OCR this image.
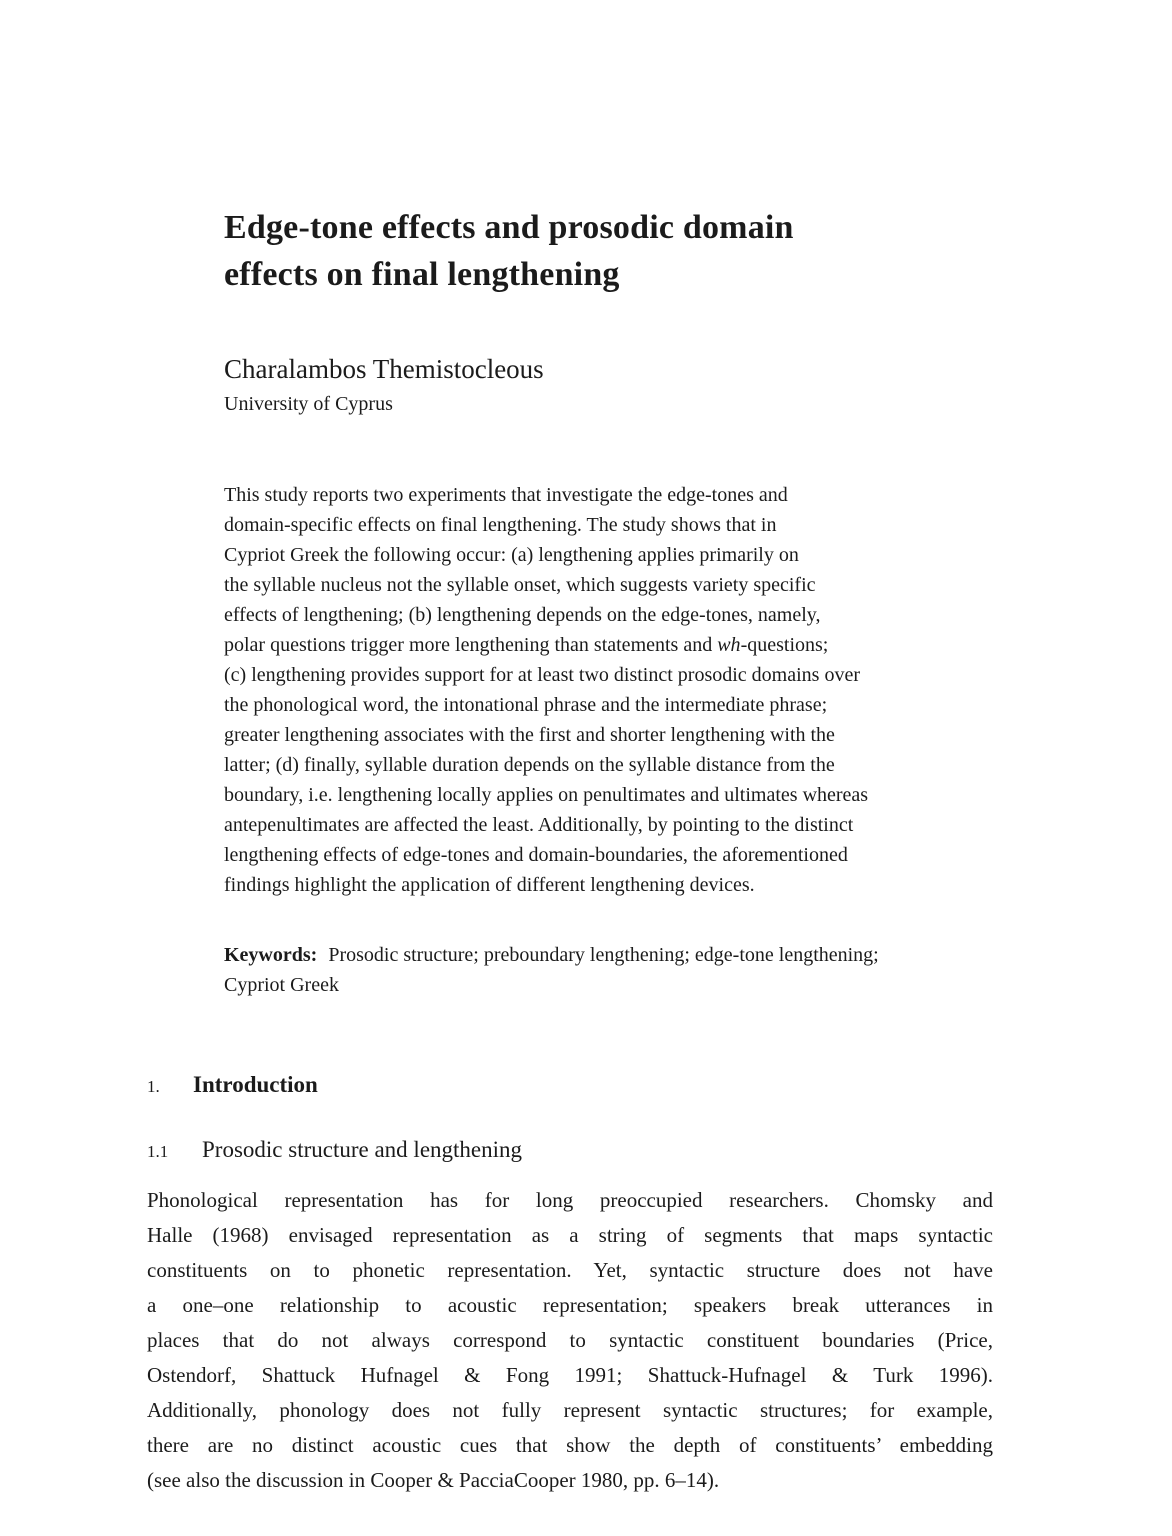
Edge-tone effects and prosodic domain
effects on final lengthening

Charalambos Themistocleous

University of Cyprus

This study reports two experiments that investigate the edge-tones and
domain-specific effects on final lengthening. The study shows that in
Cypriot Greek the following occur: (a) lengthening applies primarily on
the syllable nucleus not the syllable onset, which suggests variety specific
effects of lengthening; (b) lengthening depends on the edge-tones, namely,
polar questions trigger more lengthening than statements and wh-questions;
(c) lengthening provides support for at least two distinct prosodic domains over
the phonological word, the intonational phrase and the intermediate phrase;
greater lengthening associates with the first and shorter lengthening with the
latter; (d) finally, syllable duration depends on the syllable distance from the
boundary, i.e. lengthening locally applies on penultimates and ultimates whereas
antepenultimates are affected the least. Additionally, by pointing to the distinct
lengthening effects of edge-tones and domain-boundaries, the aforementioned
findings highlight the application of different lengthening devices.
Keywords: Prosodic structure; preboundary lengthening; edge-tone lengthening;
Cypriot Greek
1. Introduction
1.1 Prosodic structure and lengthening
Phonological representation has for long preoccupied researchers. Chomsky and
Halle (1968) envisaged representation as a string of segments that maps syntactic
constituents on to phonetic representation. Yet, syntactic structure does not have
a one–one relationship to acoustic representation; speakers break utterances in
places that do not always correspond to syntactic constituent boundaries (Price,
Ostendorf, Shattuck Hufnagel & Fong 1991; Shattuck-Hufnagel & Turk 1996).
Additionally, phonology does not fully represent syntactic structures; for example,
there are no distinct acoustic cues that show the depth of constituents’ embedding
(see also the discussion in Cooper & PacciaCooper 1980, pp. 6–14).
